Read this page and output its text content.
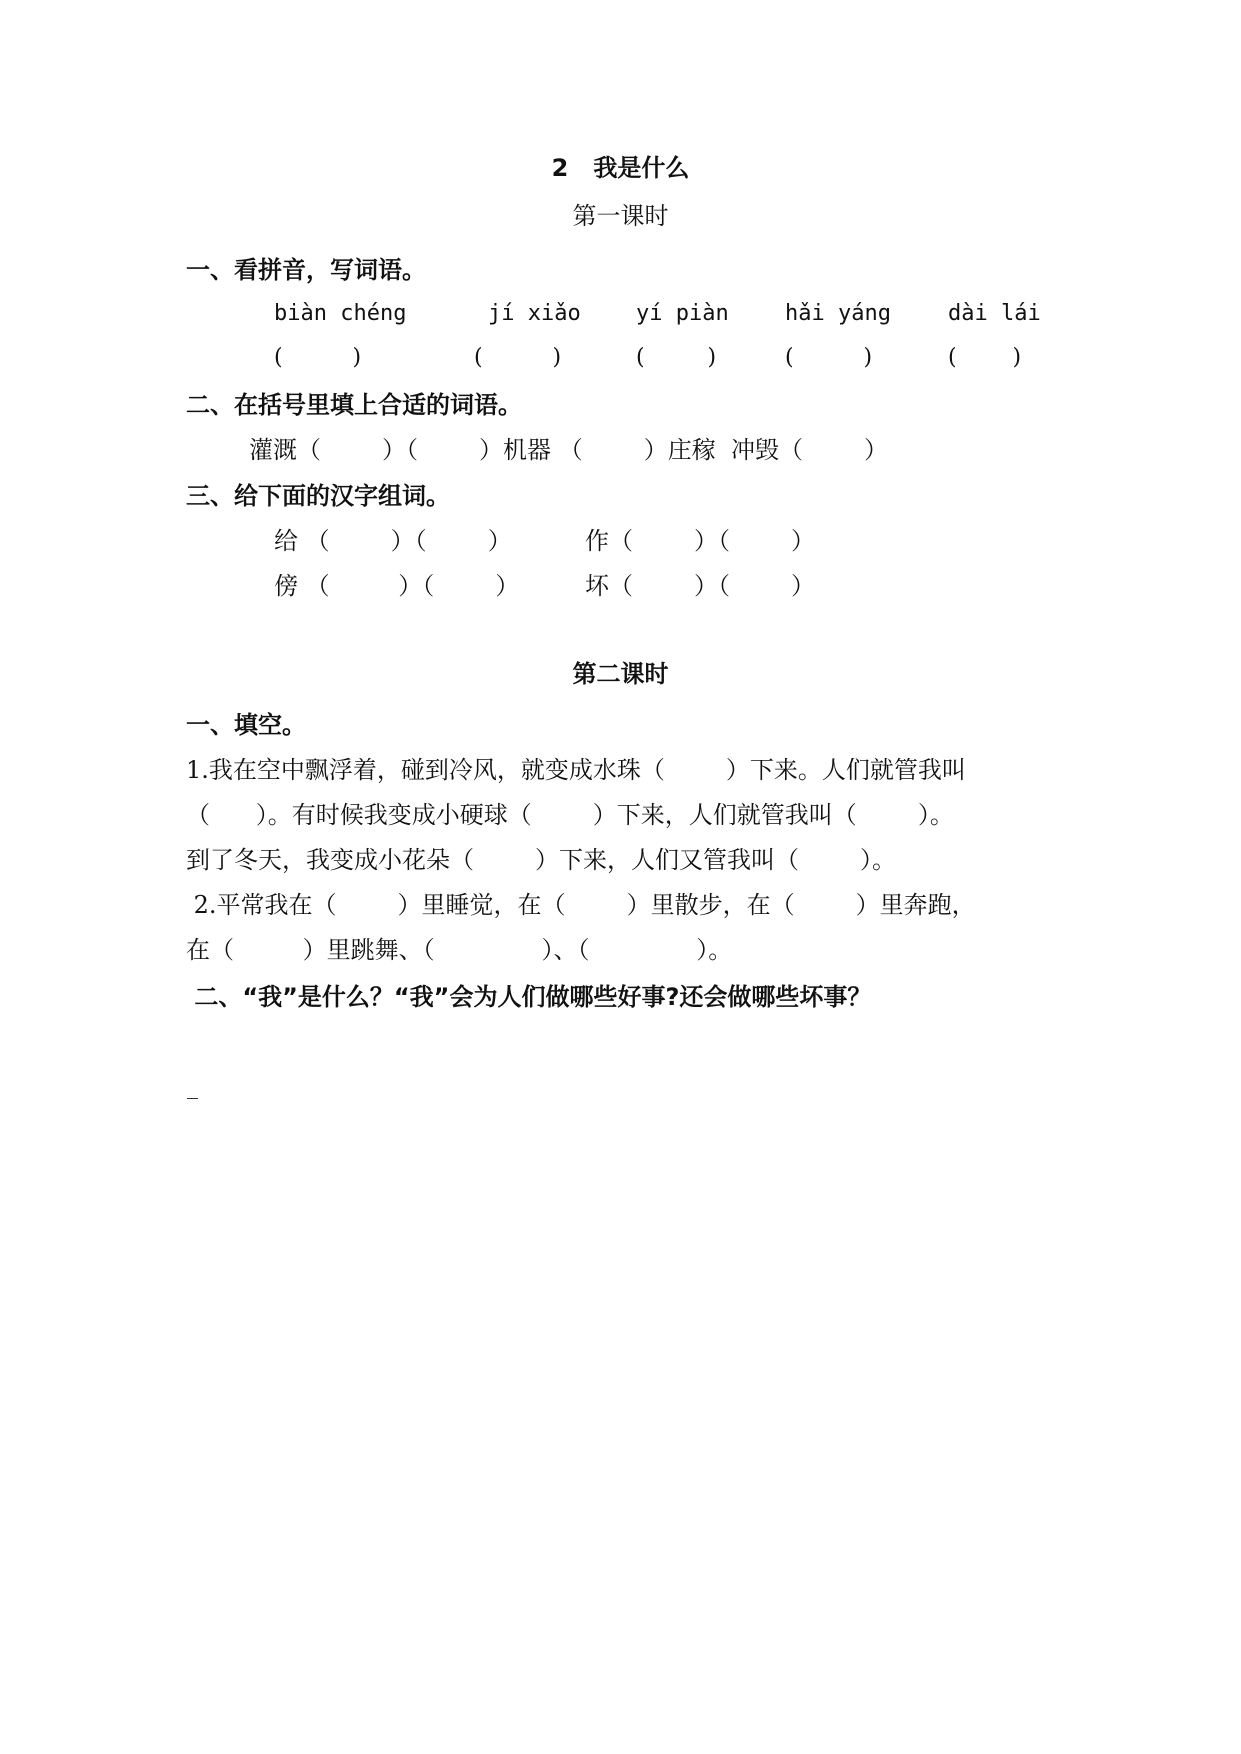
2   我是什么
第一课时
一、看拼音，写词语。
biàn chéng	jí xiǎo	yí piàn	hǎi yáng	dài lái
(          )	(          )	(         )	(          )	(        )
二、在括号里填上合适的词语。
灌溉（        ）（        ）机器 （        ）庄稼  冲毁（        ）
三、给下面的汉字组词。
给 （        ）（        ）	作（        ）（        ）
傍 （         ）（        ）	坏（        ）（        ）
第二课时
一、填空。
1.我在空中飘浮着，碰到冷风，就变成水珠（        ）下来。人们就管我叫
（      ）。有时候我变成小硬球（        ）下来，人们就管我叫（        ）。
到了冬天，我变成小花朵（        ）下来，人们又管我叫（        ）。
2.平常我在（        ）里睡觉，在（        ）里散步，在（        ）里奔跑，
在（         ）里跳舞、（              ）、（              ）。
二、“我”是什么？“我”会为人们做哪些好事?还会做哪些坏事？
